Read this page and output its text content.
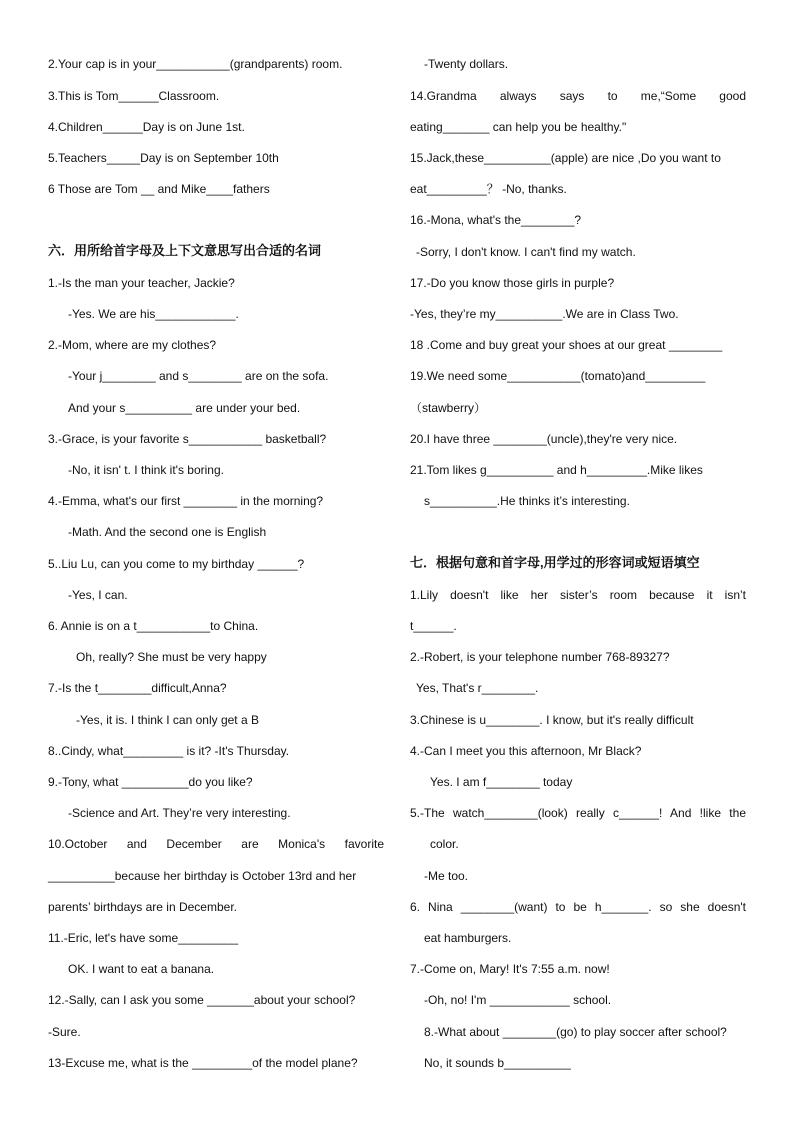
2.Your cap is in your___________(grandparents) room.
3.This is Tom______Classroom.
4.Children______Day is on June 1st.
5.Teachers_____Day is on September 10th
6 Those are Tom __ and Mike____fathers
六．用所给首字母及上下文意思写出合适的名词
1.-Is the man your teacher, Jackie?
-Yes. We are his____________.
2.-Mom, where are my clothes?
-Your j________ and s________ are on the sofa.
And your s__________ are under your bed.
3.-Grace, is your favorite s___________ basketball?
-No, it isn' t. I think it's boring.
4.-Emma, what's our first ________ in the morning?
-Math. And the second one is English
5..Liu Lu, can you come to my birthday ______?
-Yes, I can.
6. Annie is on a t___________to China.
Oh, really? She must be very happy
7.-Is the t________difficult,Anna?
-Yes, it is. I think I can only get a B
8..Cindy, what_________ is it? -It's Thursday.
9.-Tony, what __________do you like?
-Science and Art. They’re very interesting.
10.October and December are Monica's favorite
__________because her birthday is October 13rd and her
parents’ birthdays are in December.
11.-Eric, let's have some_________
OK. I want to eat a banana.
12.-Sally, can I ask you some _______about your school?
-Sure.
13-Excuse me, what is the _________of the model plane?
-Twenty dollars.
14.Grandma always says to me,“Some good
eating_______ can help you be healthy."
15.Jack,these__________(apple) are nice ,Do you want to
eat_________？ -No, thanks.
16.-Mona, what's the________?
-Sorry, I don't know. I can't find my watch.
17.-Do you know those girls in purple?
-Yes, they’re my__________.We are in Class Two.
18 .Come and buy great your shoes at our great ________
19.We need some___________(tomato)and_________
（stawberry）
20.I have three ________(uncle),they're very nice.
21.Tom likes g__________ and h_________.Mike likes
s__________.He thinks it’s interesting.
七．根据句意和首字母,用学过的形容词或短语填空
1.Lily doesn't like her sister’s room because it isn’t
t______.
2.-Robert, is your telephone number 768-89327?
Yes, That's r________.
3.Chinese is u________. I know, but it's really difficult
4.-Can I meet you this afternoon, Mr Black?
Yes. I am f________ today
5.-The watch________(look) really c______! And !like the
color.
-Me too.
6. Nina ________(want) to be h_______. so she doesn't
eat hamburgers.
7.-Come on, Mary! It's 7:55 a.m. now!
-Oh, no! I'm ____________ school.
8.-What about ________(go) to play soccer after school?
No, it sounds b__________
